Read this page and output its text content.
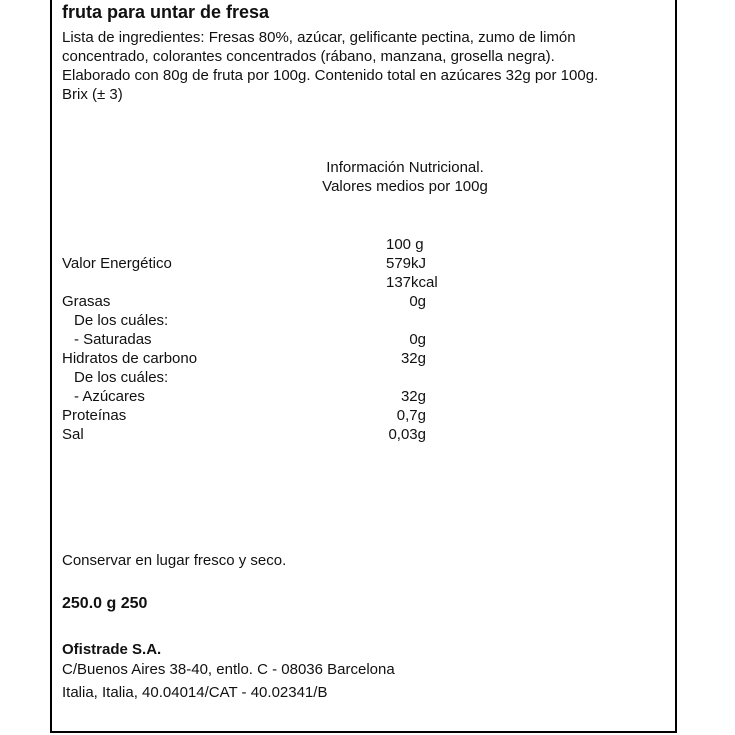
fruta para untar de fresa
Lista de ingredientes: Fresas 80%, azúcar, gelificante pectina, zumo de limón
concentrado, colorantes concentrados (rábano, manzana, grosella negra).
Elaborado con 80g de fruta por 100g. Contenido total en azúcares 32g por 100g.
Brix (± 3)
Información Nutricional.
Valores medios por 100g
100 g
Valor Energético	579kJ
137kcal
Grasas	0g
De los cuáles:
- Saturadas	0g
Hidratos de carbono	32g
De los cuáles:
- Azúcares	32g
Proteínas	0,7g
Sal	0,03g
Conservar en lugar fresco y seco.
250.0 g 250
Ofistrade S.A.
C/Buenos Aires 38-40, entlo. C - 08036 Barcelona
Italia, Italia, 40.04014/CAT - 40.02341/B
